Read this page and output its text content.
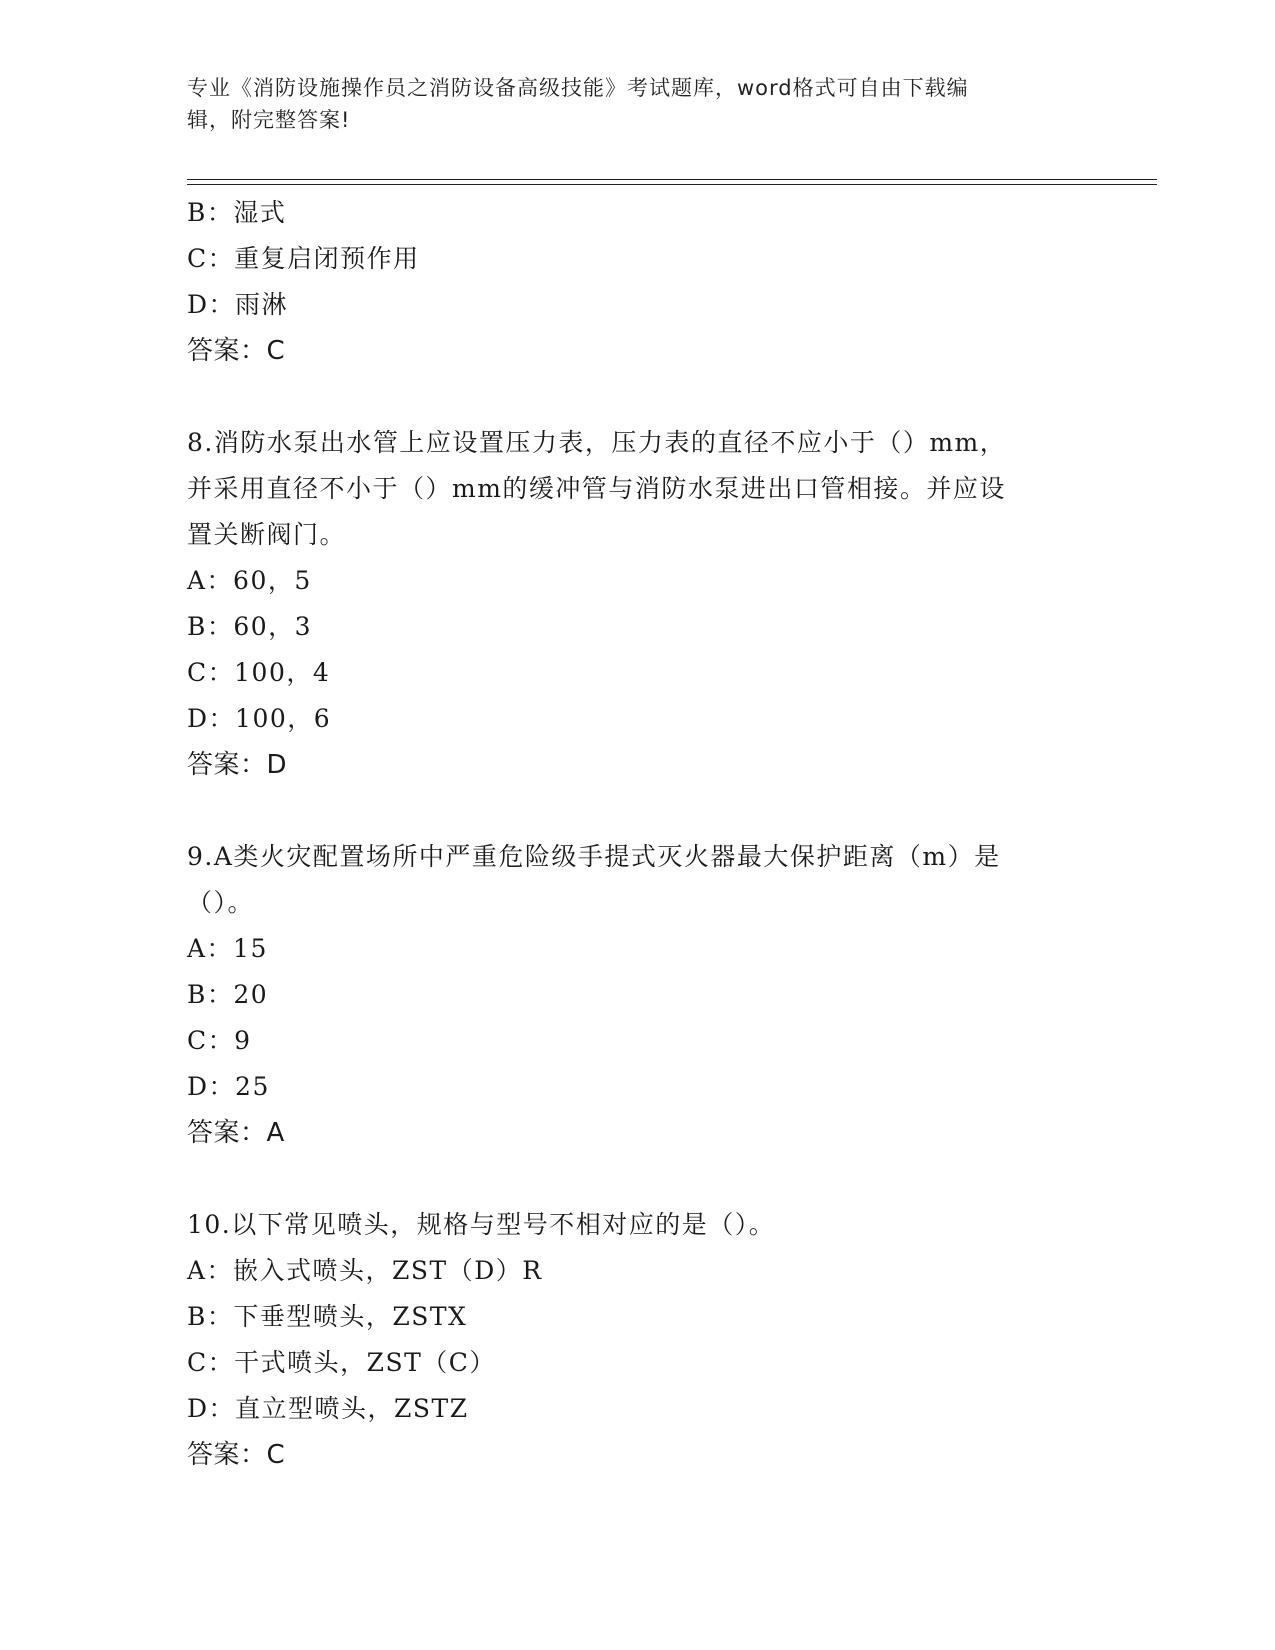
专业《消防设施操作员之消防设备高级技能》考试题库，word格式可自由下载编
辑，附完整答案!
B：湿式
C：重复启闭预作用
D：雨淋
答案：C
8.消防水泵出水管上应设置压力表，压力表的直径不应小于（）mm，
并采用直径不小于（）mm的缓冲管与消防水泵进出口管相接。并应设
置关断阀门。
A：60，5
B：60，3
C：100，4
D：100，6
答案：D
9.A类火灾配置场所中严重危险级手提式灭火器最大保护距离（m）是
（）。
A：15
B：20
C：9
D：25
答案：A
10.以下常见喷头，规格与型号不相对应的是（）。
A：嵌入式喷头，ZST（D）R
B：下垂型喷头，ZSTX
C：干式喷头，ZST（C）
D：直立型喷头，ZSTZ
答案：C
